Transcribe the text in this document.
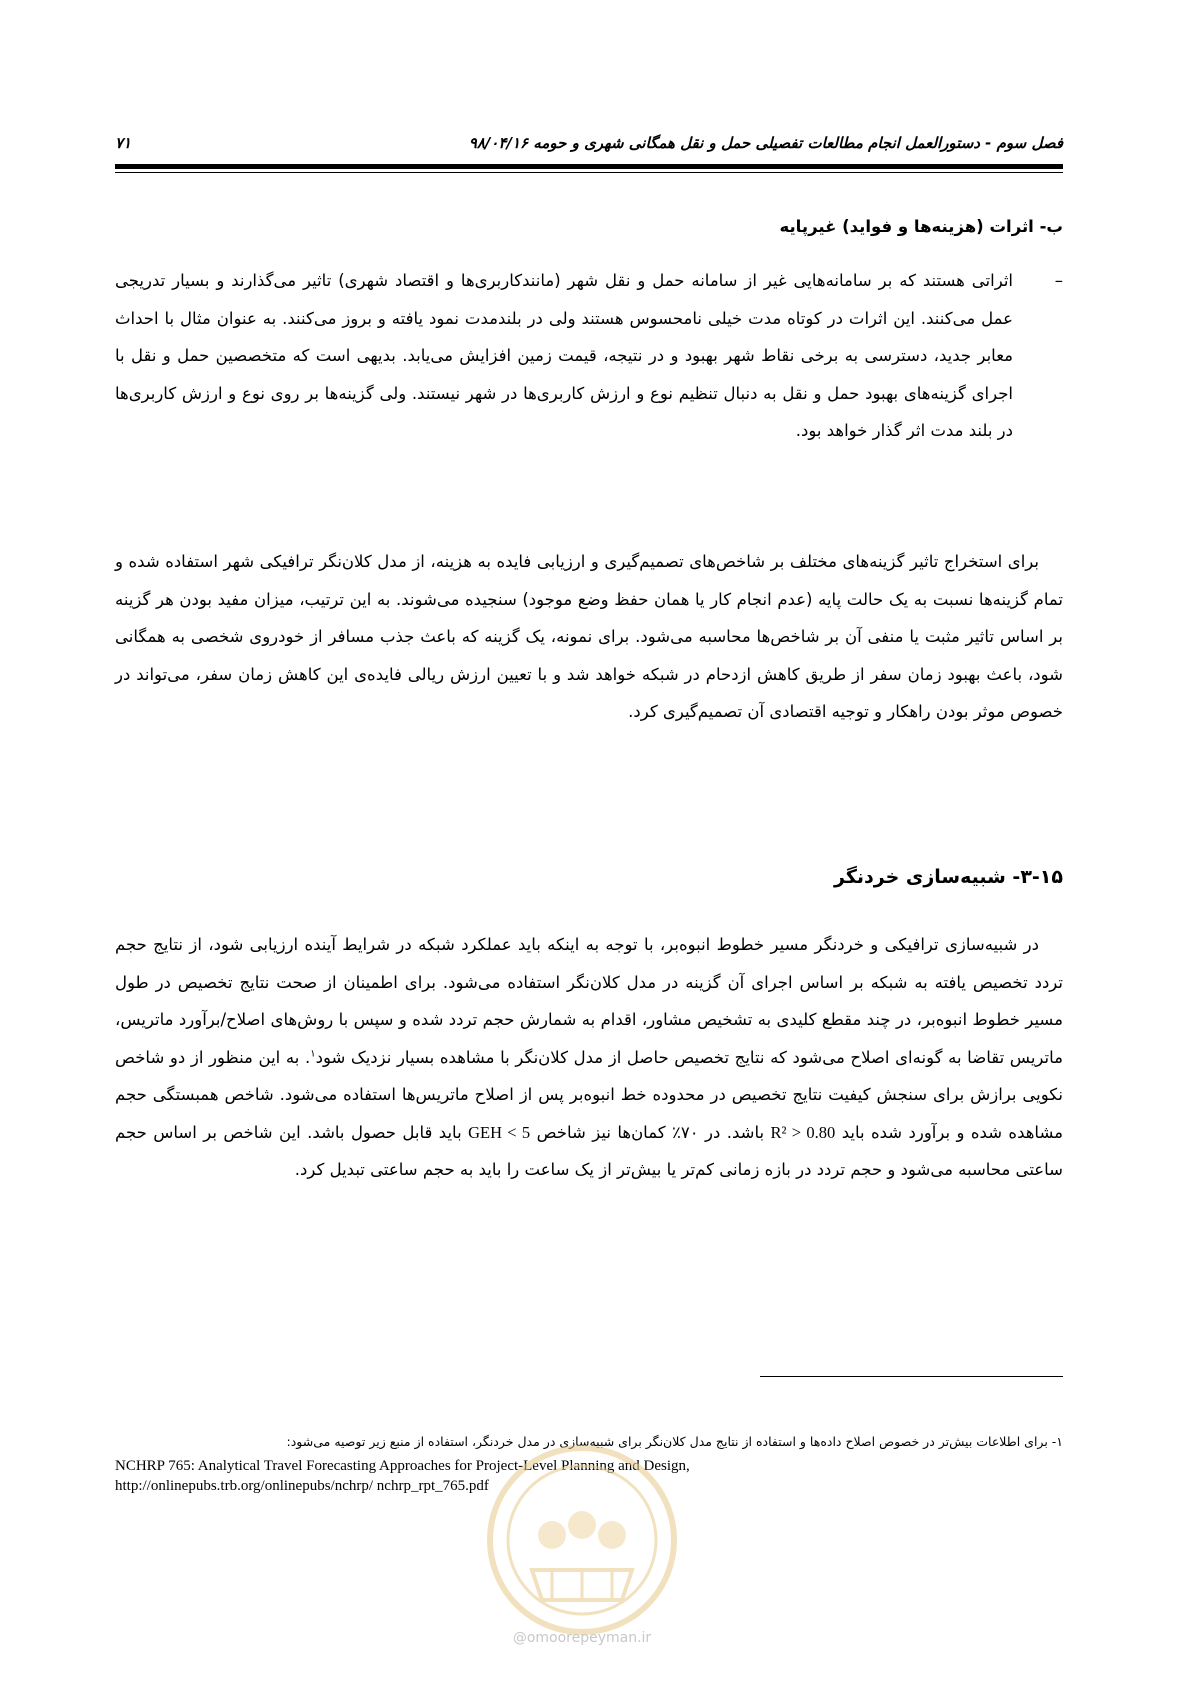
فصل سوم - دستورالعمل انجام مطالعات تفصیلی حمل و نقل همگانی شهری و حومه ۹۸/۰۴/۱۶
۷۱
ب- اثرات (هزینه‌ها و فواید) غیرپایه
–
اثراتی هستند که بر سامانه‌هایی غیر از سامانه حمل و نقل شهر (مانندکاربری‌ها و اقتصاد شهری) تاثیر می‌گذارند و بسیار تدریجی عمل می‌کنند. این اثرات در کوتاه مدت خیلی نامحسوس هستند ولی در بلندمدت نمود یافته و بروز می‌کنند. به عنوان مثال با احداث معابر جدید، دسترسی به برخی نقاط شهر بهبود و در نتیجه، قیمت زمین افزایش می‌یابد. بدیهی است که متخصصین حمل و نقل با اجرای گزینه‌های بهبود حمل و نقل به دنبال تنظیم نوع و ارزش کاربری‌ها در شهر نیستند. ولی گزینه‌ها بر روی نوع و ارزش کاربری‌ها در بلند مدت اثر گذار خواهد بود.
برای استخراج تاثیر گزینه‌های مختلف بر شاخص‌های تصمیم‌گیری و ارزیابی فایده به هزینه، از مدل کلان‌نگر ترافیکی شهر استفاده شده و تمام گزینه‌ها نسبت به یک حالت پایه (عدم انجام کار یا همان حفظ وضع موجود) سنجیده می‌شوند. به این ترتیب، میزان مفید بودن هر گزینه بر اساس تاثیر مثبت یا منفی آن بر شاخص‌ها محاسبه می‌شود. برای نمونه، یک گزینه که باعث جذب مسافر از خودروی شخصی به همگانی شود، باعث بهبود زمان سفر از طریق کاهش ازدحام در شبکه خواهد شد و با تعیین ارزش ریالی فایده‌ی این کاهش زمان سفر، می‌تواند در خصوص موثر بودن راهکار و توجیه اقتصادی آن تصمیم‌گیری کرد.
۳-۱۵- شبیه‌سازی خردنگر
در شبیه‌سازی ترافیکی و خردنگر مسیر خطوط انبوه‌بر، با توجه به اینکه باید عملکرد شبکه در شرایط آینده ارزیابی شود، از نتایج حجم تردد تخصیص یافته به شبکه بر اساس اجرای آن گزینه در مدل کلان‌نگر استفاده می‌شود. برای اطمینان از صحت نتایج تخصیص در طول مسیر خطوط انبوه‌بر، در چند مقطع کلیدی به تشخیص مشاور، اقدام به شمارش حجم تردد شده و سپس با روش‌های اصلاح/برآورد ماتریس، ماتریس تقاضا به گونه‌ای اصلاح می‌شود که نتایج تخصیص حاصل از مدل کلان‌نگر با مشاهده بسیار نزدیک شود$^۱$. به این منظور از دو شاخص نکویی برازش برای سنجش کیفیت نتایج تخصیص در محدوده خط انبوه‌بر پس از اصلاح ماتریس‌ها استفاده می‌شود. شاخص همبستگی حجم مشاهده شده و برآورد شده باید R² > 0.80 باشد. در ۷۰٪ کمان‌ها نیز شاخص GEH < 5 باید قابل حصول باشد. این شاخص بر اساس حجم ساعتی محاسبه می‌شود و حجم تردد در بازه زمانی کم‌تر یا بیش‌تر از یک ساعت را باید به حجم ساعتی تبدیل کرد.
۱- برای اطلاعات بیش‌تر در خصوص اصلاح داده‌ها و استفاده از نتایج مدل کلان‌نگر برای شبیه‌سازی در مدل خردنگر، استفاده از منبع زیر توصیه می‌شود:
NCHRP 765: Analytical Travel Forecasting Approaches for Project-Level Planning and Design,
http://onlinepubs.trb.org/onlinepubs/nchrp/ nchrp_rpt_765.pdf
@omoorepeyman.ir
